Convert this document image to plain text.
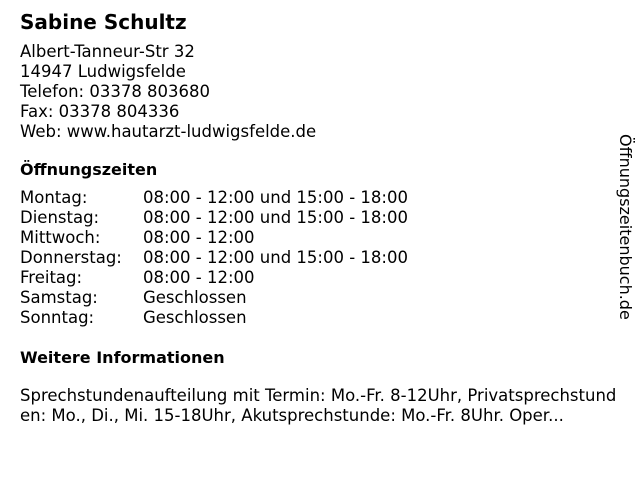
Sabine Schultz
Albert-Tanneur-Str 32
14947 Ludwigsfelde
Telefon: 03378 803680
Fax: 03378 804336
Web: www.hautarzt-ludwigsfelde.de
Öffnungszeiten
Montag:	08:00 - 12:00 und 15:00 - 18:00
Dienstag:	08:00 - 12:00 und 15:00 - 18:00
Mittwoch:	08:00 - 12:00
Donnerstag: 08:00 - 12:00 und 15:00 - 18:00
Freitag:	08:00 - 12:00
Samstag:	Geschlossen
Sonntag:	Geschlossen
Weitere Informationen
Sprechstundenaufteilung mit Termin: Mo.-Fr. 8-12Uhr, Privatsprechstunden: Mo., Di., Mi. 15-18Uhr, Akutsprechstunde: Mo.-Fr. 8Uhr. Oper...
Öffnungszeitenbuch.de
